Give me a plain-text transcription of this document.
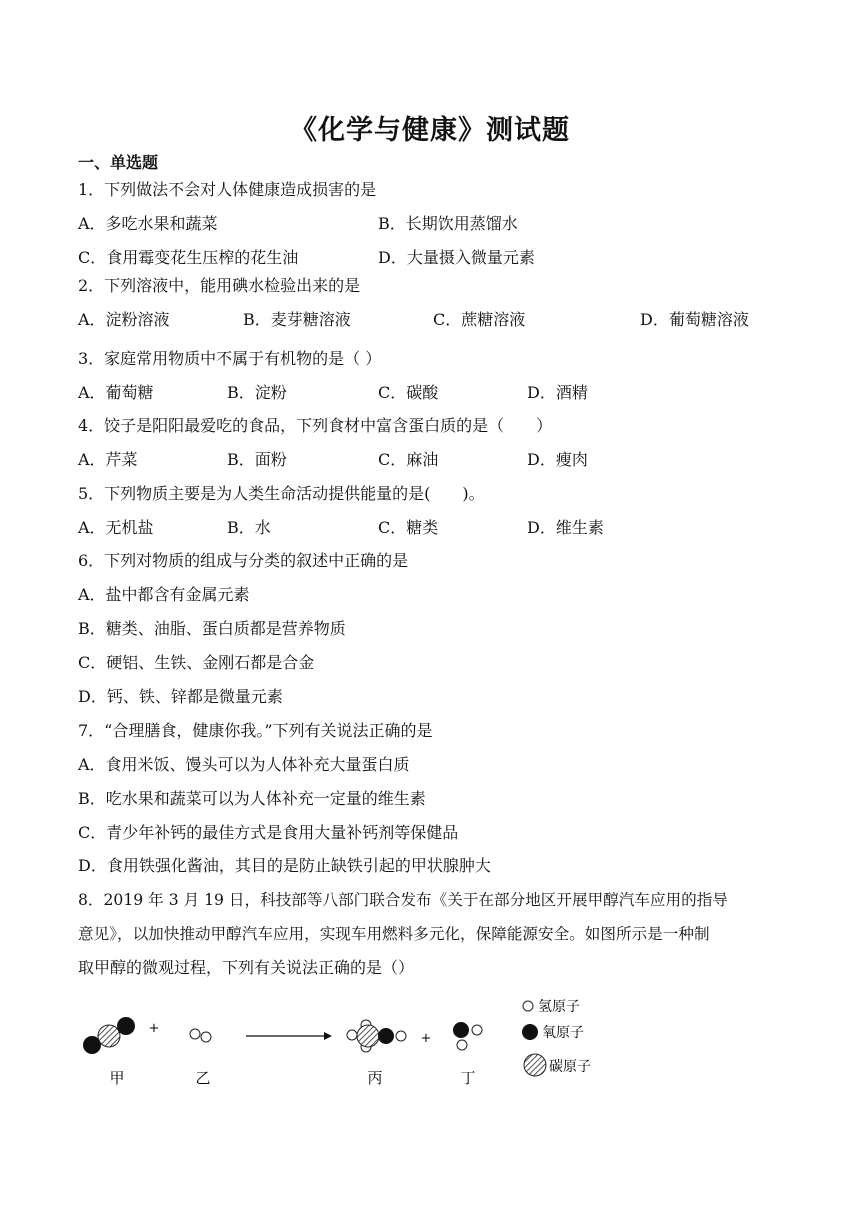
《化学与健康》测试题
一、单选题
1．下列做法不会对人体健康造成损害的是
A．多吃水果和蔬菜	B．长期饮用蒸馏水
C．食用霉变花生压榨的花生油	D．大量摄入微量元素
2．下列溶液中，能用碘水检验出来的是
A．淀粉溶液	B．麦芽糖溶液	C．蔗糖溶液	D．葡萄糖溶液
3．家庭常用物质中不属于有机物的是（ ）
A．葡萄糖	B．淀粉	C．碳酸	D．酒精
4．饺子是阳阳最爱吃的食品，下列食材中富含蛋白质的是（　　）
A．芹菜	B．面粉	C．麻油	D．瘦肉
5．下列物质主要是为人类生命活动提供能量的是(　　)。
A．无机盐	B．水	C．糖类	D．维生素
6．下列对物质的组成与分类的叙述中正确的是
A．盐中都含有金属元素
B．糖类、油脂、蛋白质都是营养物质
C．硬铝、生铁、金刚石都是合金
D．钙、铁、锌都是微量元素
7．“合理膳食，健康你我。”下列有关说法正确的是
A．食用米饭、馒头可以为人体补充大量蛋白质
B．吃水果和蔬菜可以为人体补充一定量的维生素
C．青少年补钙的最佳方式是食用大量补钙剂等保健品
D．食用铁强化酱油，其目的是防止缺铁引起的甲状腺肿大
8．2019 年 3 月 19 日，科技部等八部门联合发布《关于在部分地区开展甲醇汽车应用的指导
意见》，以加快推动甲醇汽车应用，实现车用燃料多元化，保障能源安全。如图所示是一种制
取甲醇的微观过程，下列有关说法正确的是（）
+
+
甲	乙	丙	丁
氢原子
氧原子
碳原子
